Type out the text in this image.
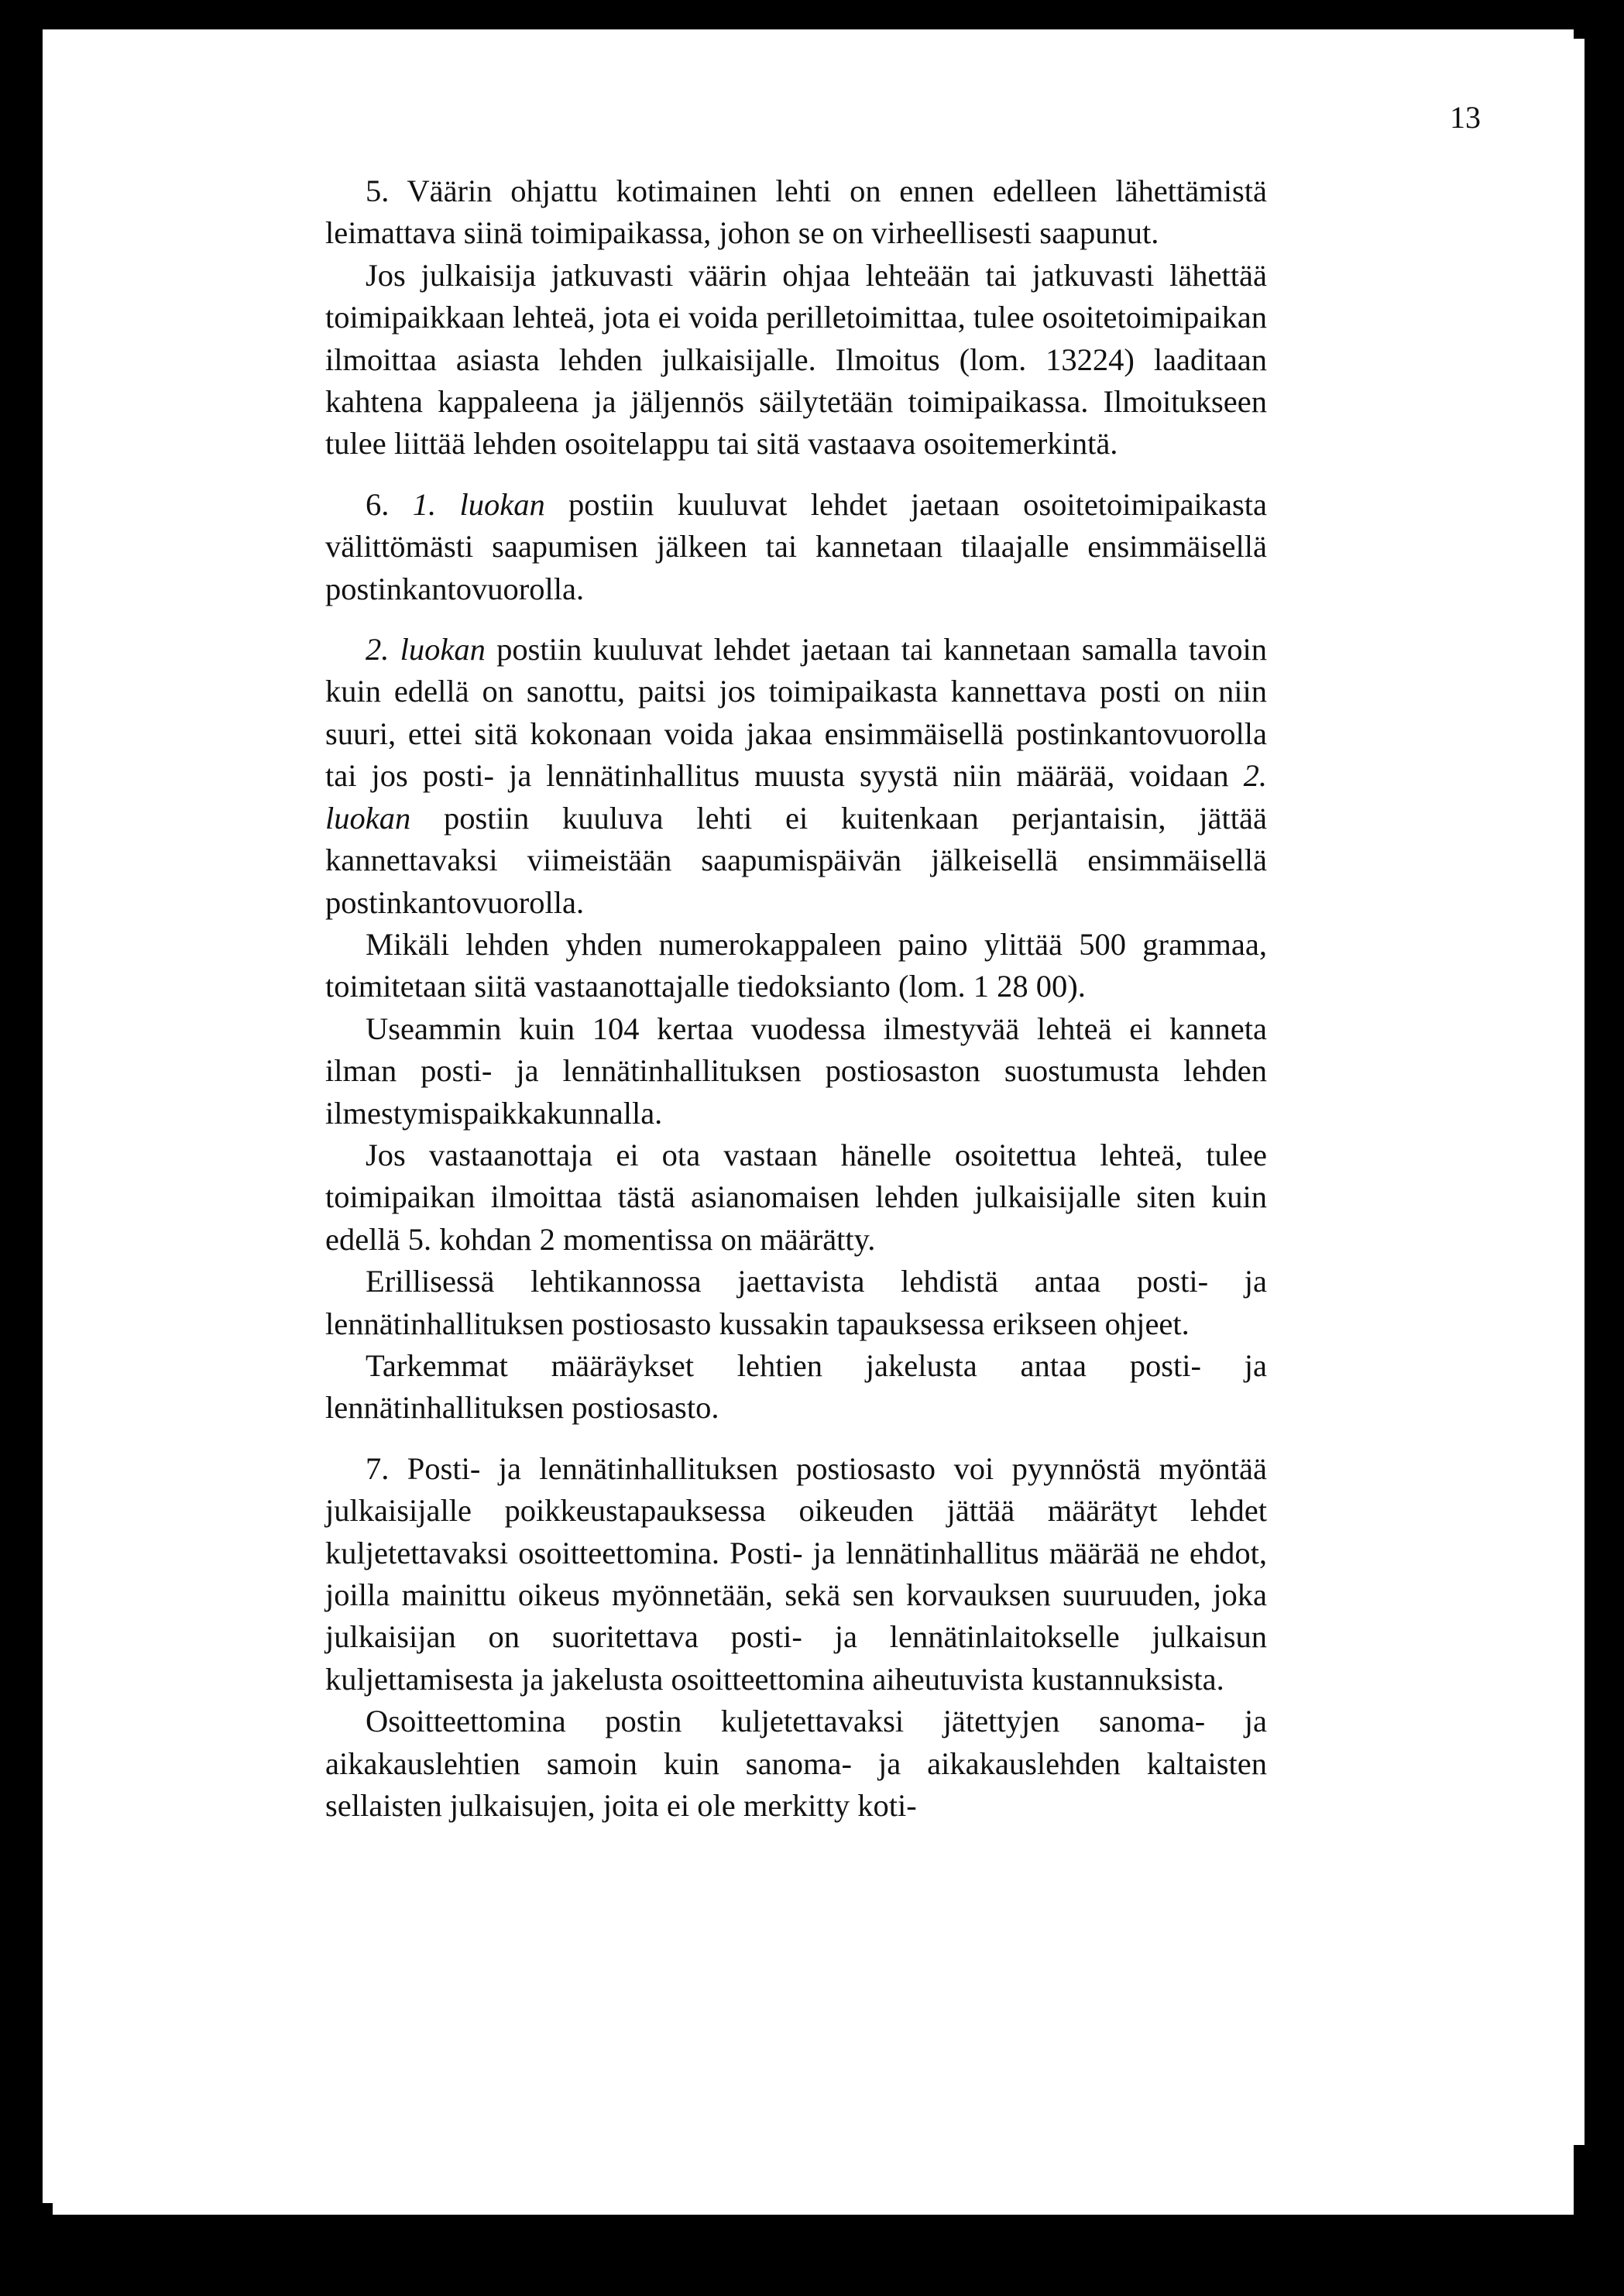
13

5. Väärin ohjattu kotimainen lehti on ennen edelleen lähettämistä leimattava siinä toimipaikassa, johon se on virheellisesti saapunut.

Jos julkaisija jatkuvasti väärin ohjaa lehteään tai jatkuvasti lähettää toimipaikkaan lehteä, jota ei voida perilletoimittaa, tulee osoitetoimipaikan ilmoittaa asiasta lehden julkaisijalle. Ilmoitus (lom. 13224) laaditaan kahtena kappaleena ja jäljennös säilytetään toimipaikassa. Ilmoitukseen tulee liittää lehden osoitelappu tai sitä vastaava osoitemerkintä.

6. 1. luokan postiin kuuluvat lehdet jaetaan osoitetoimipaikasta välittömästi saapumisen jälkeen tai kannetaan tilaajalle ensimmäisellä postinkantovuorolla.

2. luokan postiin kuuluvat lehdet jaetaan tai kannetaan samalla tavoin kuin edellä on sanottu, paitsi jos toimipaikasta kannettava posti on niin suuri, ettei sitä kokonaan voida jakaa ensimmäisellä postinkantovuorolla tai jos posti- ja lennätinhallitus muusta syystä niin määrää, voidaan 2. luokan postiin kuuluva lehti ei kuitenkaan perjantaisin, jättää kannettavaksi viimeistään saapumispäivän jälkeisellä ensimmäisellä postinkantovuorolla.

Mikäli lehden yhden numerokappaleen paino ylittää 500 grammaa, toimitetaan siitä vastaanottajalle tiedoksianto (lom. 1 28 00).

Useammin kuin 104 kertaa vuodessa ilmestyvää lehteä ei kanneta ilman posti- ja lennätinhallituksen postiosaston suostumusta lehden ilmestymispaikkakunnalla.

Jos vastaanottaja ei ota vastaan hänelle osoitettua lehteä, tulee toimipaikan ilmoittaa tästä asianomaisen lehden julkaisijalle siten kuin edellä 5. kohdan 2 momentissa on määrätty.

Erillisessä lehtikannossa jaettavista lehdistä antaa posti- ja lennätinhallituksen postiosasto kussakin tapauksessa erikseen ohjeet.

Tarkemmat määräykset lehtien jakelusta antaa posti- ja lennätinhallituksen postiosasto.

7. Posti- ja lennätinhallituksen postiosasto voi pyynnöstä myöntää julkaisijalle poikkeustapauksessa oikeuden jättää määrätyt lehdet kuljetettavaksi osoitteettomina. Posti- ja lennätinhallitus määrää ne ehdot, joilla mainittu oikeus myönnetään, sekä sen korvauksen suuruuden, joka julkaisijan on suoritettava posti- ja lennätinlaitokselle julkaisun kuljettamisesta ja jakelusta osoitteettomina aiheutuvista kustannuksista.

Osoitteettomina postin kuljetettavaksi jätettyjen sanoma- ja aikakauslehtien samoin kuin sanoma- ja aikakauslehden kaltaisten sellaisten julkaisujen, joita ei ole merkitty koti-
